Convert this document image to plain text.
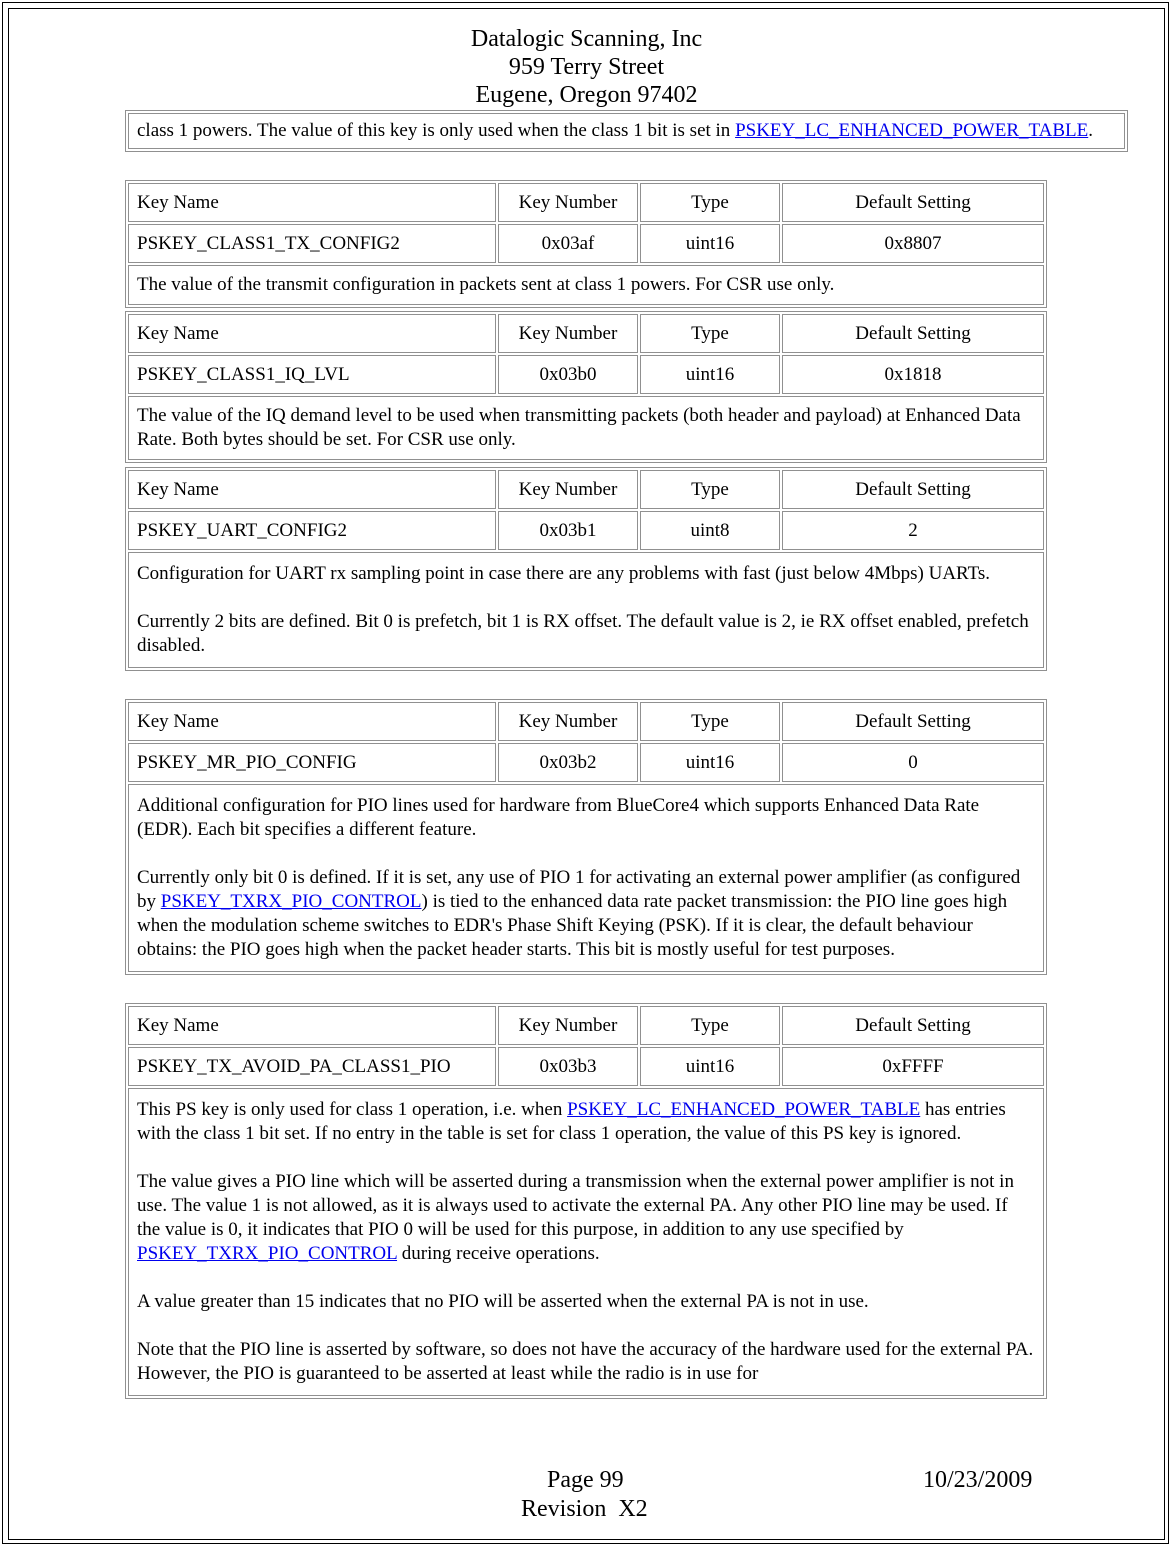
Datalogic Scanning, Inc
959 Terry Street
Eugene, Oregon 97402
class 1 powers. The value of this key is only used when the class 1 bit is set in PSKEY_LC_ENHANCED_POWER_TABLE.
Key Name	Key Number	Type	Default Setting
PSKEY_CLASS1_TX_CONFIG2	0x03af	uint16	0x8807

The value of the transmit configuration in packets sent at class 1 powers. For CSR use only.			

Key Name	Key Number	Type	Default Setting
PSKEY_CLASS1_IQ_LVL	0x03b0	uint16	0x1818

The value of the IQ demand level to be used when transmitting packets (both header and payload) at Enhanced Data Rate. Both bytes should be set. For CSR use only.			

Key Name	Key Number	Type	Default Setting
PSKEY_UART_CONFIG2	0x03b1	uint8	2

Configuration for UART rx sampling point in case there are any problems with fast (just below 4Mbps) UARTs.

Currently 2 bits are defined. Bit 0 is prefetch, bit 1 is RX offset. The default value is 2, ie RX offset enabled, prefetch disabled.			

Key Name	Key Number	Type	Default Setting
PSKEY_MR_PIO_CONFIG	0x03b2	uint16	0

Additional configuration for PIO lines used for hardware from BlueCore4 which supports Enhanced Data Rate (EDR). Each bit specifies a different feature.

Currently only bit 0 is defined. If it is set, any use of PIO 1 for activating an external power amplifier (as configured by PSKEY_TXRX_PIO_CONTROL) is tied to the enhanced data rate packet transmission: the PIO line goes high when the modulation scheme switches to EDR's Phase Shift Keying (PSK). If it is clear, the default behaviour obtains: the PIO goes high when the packet header starts. This bit is mostly useful for test purposes.			

Key Name	Key Number	Type	Default Setting
PSKEY_TX_AVOID_PA_CLASS1_PIO	0x03b3	uint16	0xFFFF

This PS key is only used for class 1 operation, i.e. when PSKEY_LC_ENHANCED_POWER_TABLE has entries with the class 1 bit set. If no entry in the table is set for class 1 operation, the value of this PS key is ignored.

The value gives a PIO line which will be asserted during a transmission when the external power amplifier is not in use. The value 1 is not allowed, as it is always used to activate the external PA. Any other PIO line may be used. If the value is 0, it indicates that PIO 0 will be used for this purpose, in addition to any use specified by PSKEY_TXRX_PIO_CONTROL during receive operations.

A value greater than 15 indicates that no PIO will be asserted when the external PA is not in use.

Note that the PIO line is asserted by software, so does not have the accuracy of the hardware used for the external PA. However, the PIO is guaranteed to be asserted at least while the radio is in use for			

Page 99	10/23/2009
Revision  X2
